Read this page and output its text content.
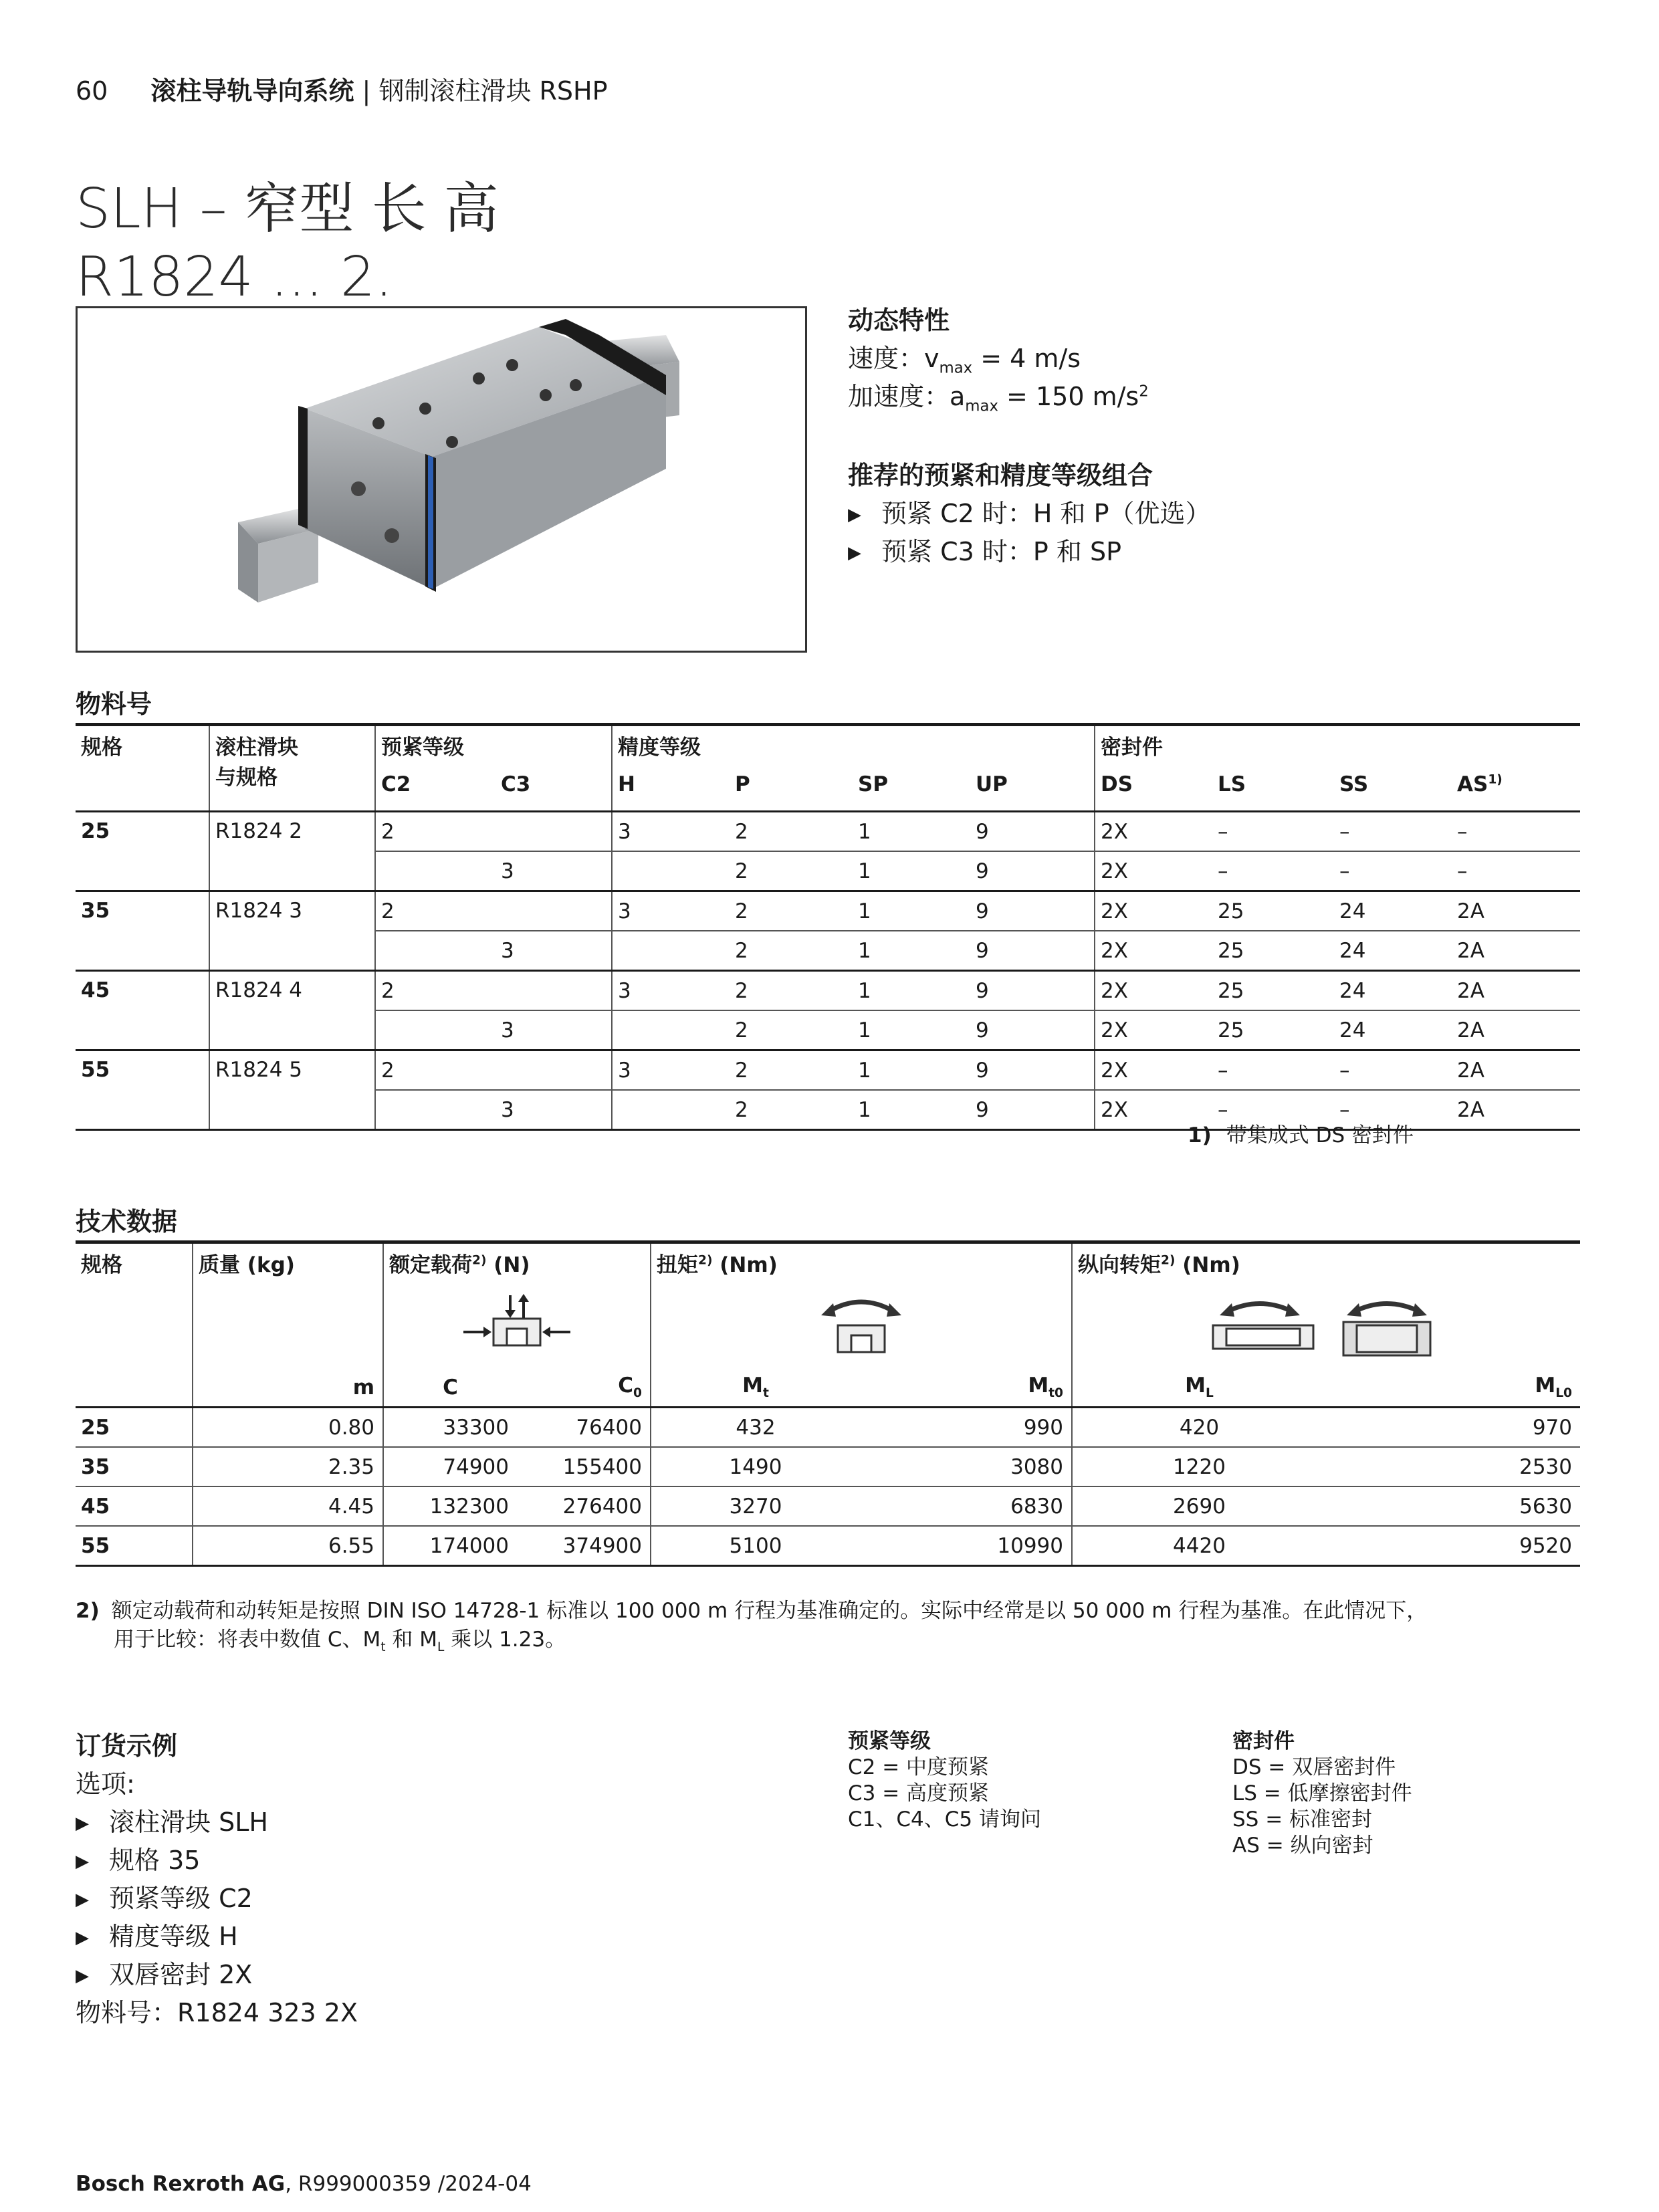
60 滚柱导轨导向系统 | 钢制滚柱滑块 RSHP
SLH – 窄型 长 高
R1824 ... 2.
动态特性
速度：$v_{max} = 4$ m/s
加速度：$a_{max} = 150$ $m/s^2$
推荐的预紧和精度等级组合
▶ 预紧 C2 时：H 和 P（优选）
▶ 预紧 C3 时：P 和 SP
物料号
规格	滚柱滑块
与规格	预紧等级		精度等级				密封件			
		C2	C3	H	P	SP	UP	DS	LS	SS	AS$^{1)}$
25	R1824 2	2		3	2	1	9	2X	–	–	–
			3		2	1	9	2X	–	–	–
35	R1824 3	2		3	2	1	9	2X	25	24	2A
			3		2	1	9	2X	25	24	2A
45	R1824 4	2		3	2	1	9	2X	25	24	2A
			3		2	1	9	2X	25	24	2A
55	R1824 5	2		3	2	1	9	2X	–	–	2A
			3		2	1	9	2X	–	–	2A
1) 带集成式 DS 密封件
技术数据
规格	质量 (kg)	额定载荷$^{2)}$ (N)		扭矩$^{2)}$ (Nm)		纵向转矩$^{2)}$ (Nm)	

	m	C	$C_0$	$M_t$	$M_{t0}$	$M_L$	$M_{L0}$
25	0.80	33300	76400	432	990	420	970
35	2.35	74900	155400	1490	3080	1220	2530
45	4.45	132300	276400	3270	6830	2690	5630
55	6.55	174000	374900	5100	10990	4420	9520
2) 额定动载荷和动转矩是按照 DIN ISO 14728-1 标准以 100 000 m 行程为基准确定的。实际中经常是以 50 000 m 行程为基准。在此情况下，
用于比较：将表中数值 C、$M_t$ 和 $M_L$ 乘以 1.23。
订货示例
选项:
▶ 滚柱滑块 SLH
▶ 规格 35
▶ 预紧等级 C2
▶ 精度等级 H
▶ 双唇密封 2X
物料号：R1824 323 2X
预紧等级
C2 = 中度预紧
C3 = 高度预紧
C1、C4、C5 请询问
密封件
DS = 双唇密封件
LS = 低摩擦密封件
SS = 标准密封
AS = 纵向密封
Bosch Rexroth AG, R999000359 /2024-04
